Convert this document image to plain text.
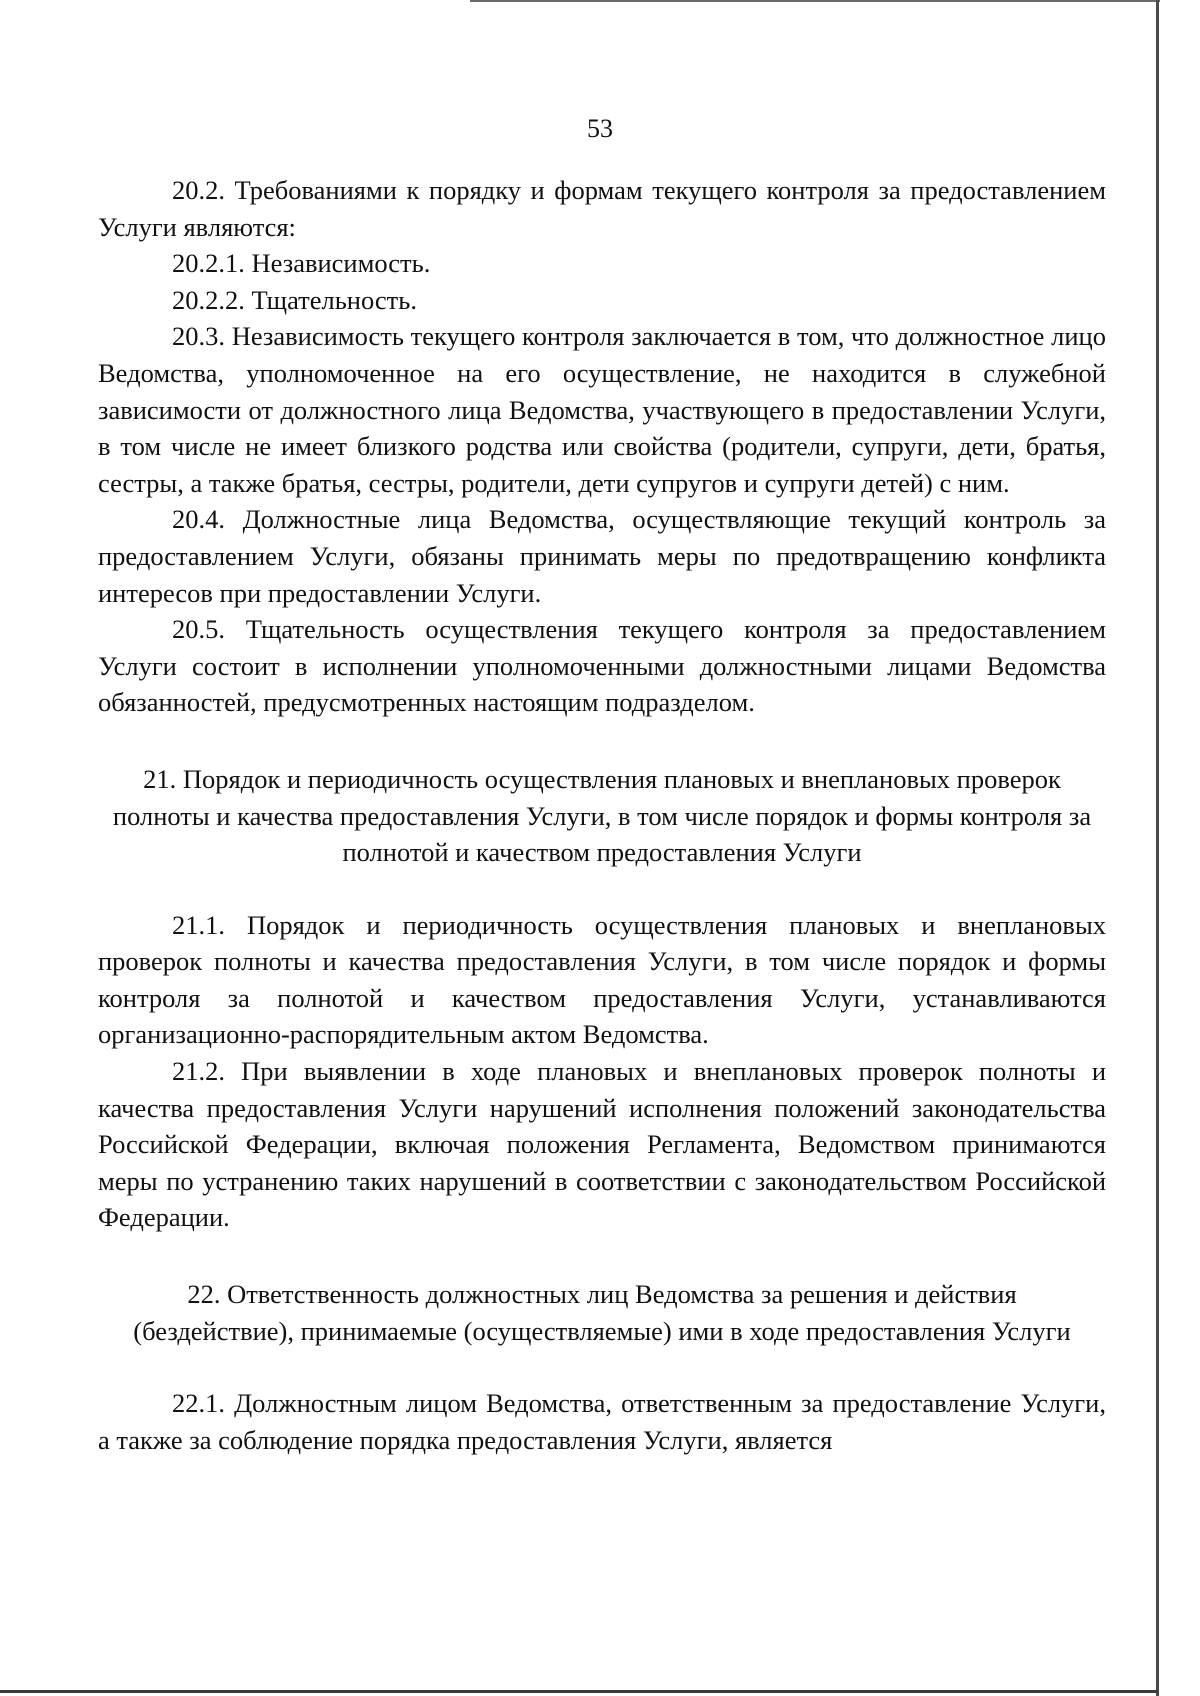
53

20.2. Требованиями к порядку и формам текущего контроля за предоставлением Услуги являются:

20.2.1. Независимость.

20.2.2. Тщательность.

20.3. Независимость текущего контроля заключается в том, что должностное лицо Ведомства, уполномоченное на его осуществление, не находится в служебной зависимости от должностного лица Ведомства, участвующего в предоставлении Услуги, в том числе не имеет близкого родства или свойства (родители, супруги, дети, братья, сестры, а также братья, сестры, родители, дети супругов и супруги детей) с ним.

20.4. Должностные лица Ведомства, осуществляющие текущий контроль за предоставлением Услуги, обязаны принимать меры по предотвращению конфликта интересов при предоставлении Услуги.

20.5. Тщательность осуществления текущего контроля за предоставлением Услуги состоит в исполнении уполномоченными должностными лицами Ведомства обязанностей, предусмотренных настоящим подразделом.

21. Порядок и периодичность осуществления плановых и внеплановых проверок полноты и качества предоставления Услуги, в том числе порядок и формы контроля за полнотой и качеством предоставления Услуги

21.1. Порядок и периодичность осуществления плановых и внеплановых проверок полноты и качества предоставления Услуги, в том числе порядок и формы контроля за полнотой и качеством предоставления Услуги, устанавливаются организационно-распорядительным актом Ведомства.

21.2. При выявлении в ходе плановых и внеплановых проверок полноты и качества предоставления Услуги нарушений исполнения положений законодательства Российской Федерации, включая положения Регламента, Ведомством принимаются меры по устранению таких нарушений в соответствии с законодательством Российской Федерации.

22. Ответственность должностных лиц Ведомства за решения и действия (бездействие), принимаемые (осуществляемые) ими в ходе предоставления Услуги

22.1. Должностным лицом Ведомства, ответственным за предоставление Услуги, а также за соблюдение порядка предоставления Услуги, является
